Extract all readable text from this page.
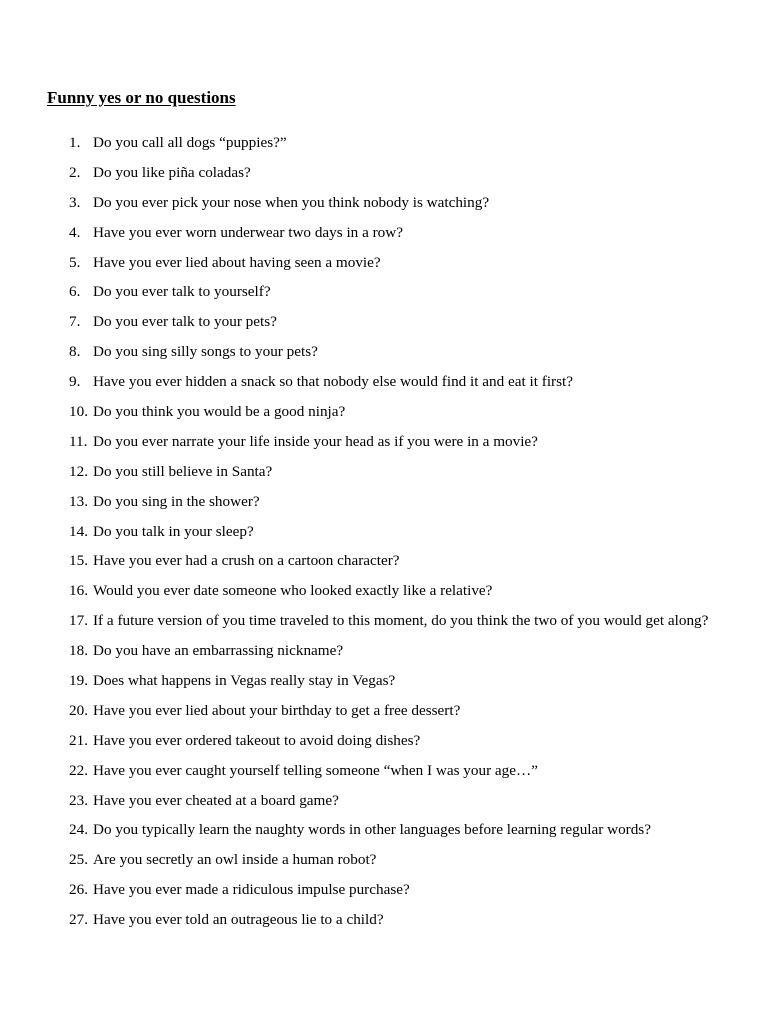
Funny yes or no questions
1. Do you call all dogs “puppies?”
2. Do you like piña coladas?
3. Do you ever pick your nose when you think nobody is watching?
4. Have you ever worn underwear two days in a row?
5. Have you ever lied about having seen a movie?
6. Do you ever talk to yourself?
7. Do you ever talk to your pets?
8. Do you sing silly songs to your pets?
9. Have you ever hidden a snack so that nobody else would find it and eat it first?
10. Do you think you would be a good ninja?
11. Do you ever narrate your life inside your head as if you were in a movie?
12. Do you still believe in Santa?
13. Do you sing in the shower?
14. Do you talk in your sleep?
15. Have you ever had a crush on a cartoon character?
16. Would you ever date someone who looked exactly like a relative?
17. If a future version of you time traveled to this moment, do you think the two of you would get along?
18. Do you have an embarrassing nickname?
19. Does what happens in Vegas really stay in Vegas?
20. Have you ever lied about your birthday to get a free dessert?
21. Have you ever ordered takeout to avoid doing dishes?
22. Have you ever caught yourself telling someone “when I was your age…”
23. Have you ever cheated at a board game?
24. Do you typically learn the naughty words in other languages before learning regular words?
25. Are you secretly an owl inside a human robot?
26. Have you ever made a ridiculous impulse purchase?
27. Have you ever told an outrageous lie to a child?
